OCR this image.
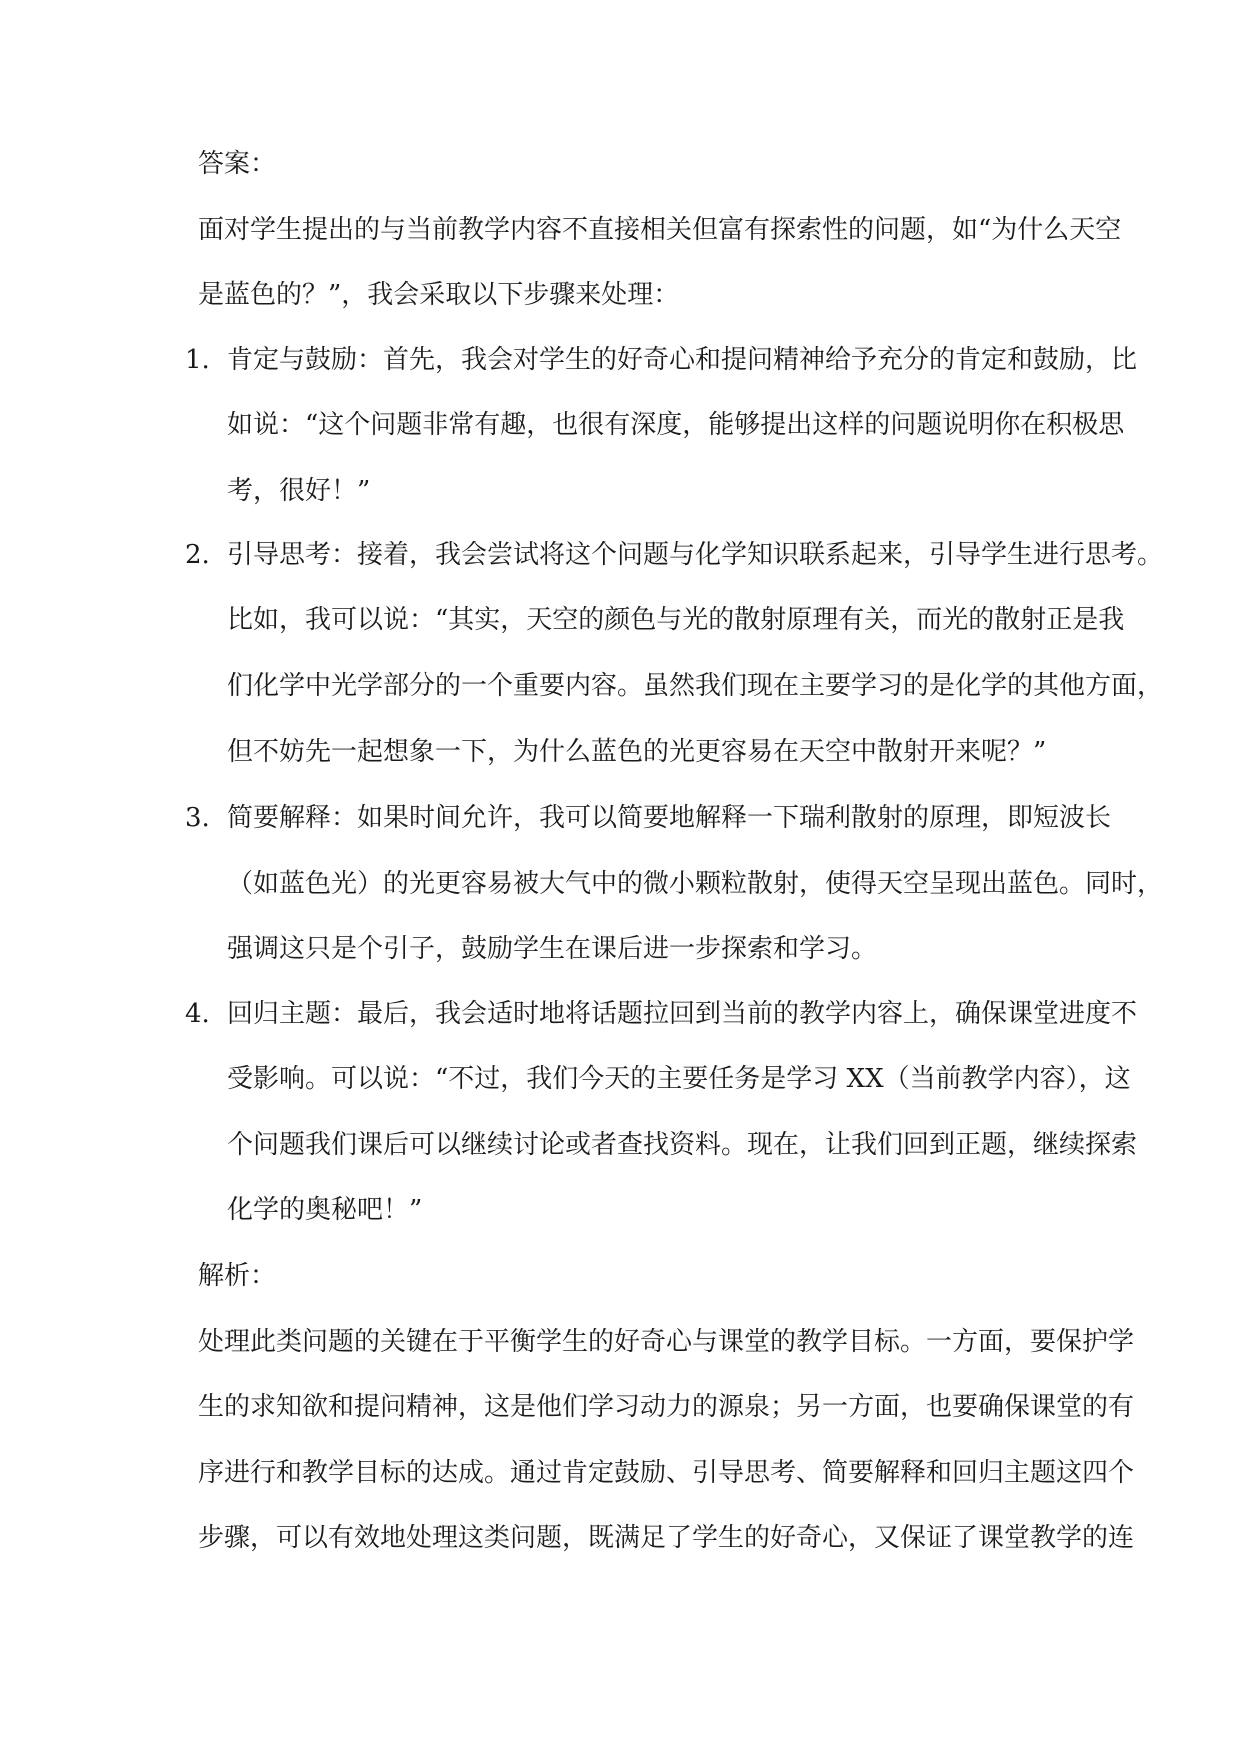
答案：
面对学生提出的与当前教学内容不直接相关但富有探索性的问题，如“为什么天空
是蓝色的？”，我会采取以下步骤来处理：
1. 肯定与鼓励：首先，我会对学生的好奇心和提问精神给予充分的肯定和鼓励，比
如说：“这个问题非常有趣，也很有深度，能够提出这样的问题说明你在积极思
考，很好！”
2. 引导思考：接着，我会尝试将这个问题与化学知识联系起来，引导学生进行思考。
比如，我可以说：“其实，天空的颜色与光的散射原理有关，而光的散射正是我
们化学中光学部分的一个重要内容。虽然我们现在主要学习的是化学的其他方面，
但不妨先一起想象一下，为什么蓝色的光更容易在天空中散射开来呢？”
3. 简要解释：如果时间允许，我可以简要地解释一下瑞利散射的原理，即短波长
（如蓝色光）的光更容易被大气中的微小颗粒散射，使得天空呈现出蓝色。同时，
强调这只是个引子，鼓励学生在课后进一步探索和学习。
4. 回归主题：最后，我会适时地将话题拉回到当前的教学内容上，确保课堂进度不
受影响。可以说：“不过，我们今天的主要任务是学习 XX（当前教学内容），这
个问题我们课后可以继续讨论或者查找资料。现在，让我们回到正题，继续探索
化学的奥秘吧！”
解析：
处理此类问题的关键在于平衡学生的好奇心与课堂的教学目标。一方面，要保护学
生的求知欲和提问精神，这是他们学习动力的源泉；另一方面，也要确保课堂的有
序进行和教学目标的达成。通过肯定鼓励、引导思考、简要解释和回归主题这四个
步骤，可以有效地处理这类问题，既满足了学生的好奇心，又保证了课堂教学的连
